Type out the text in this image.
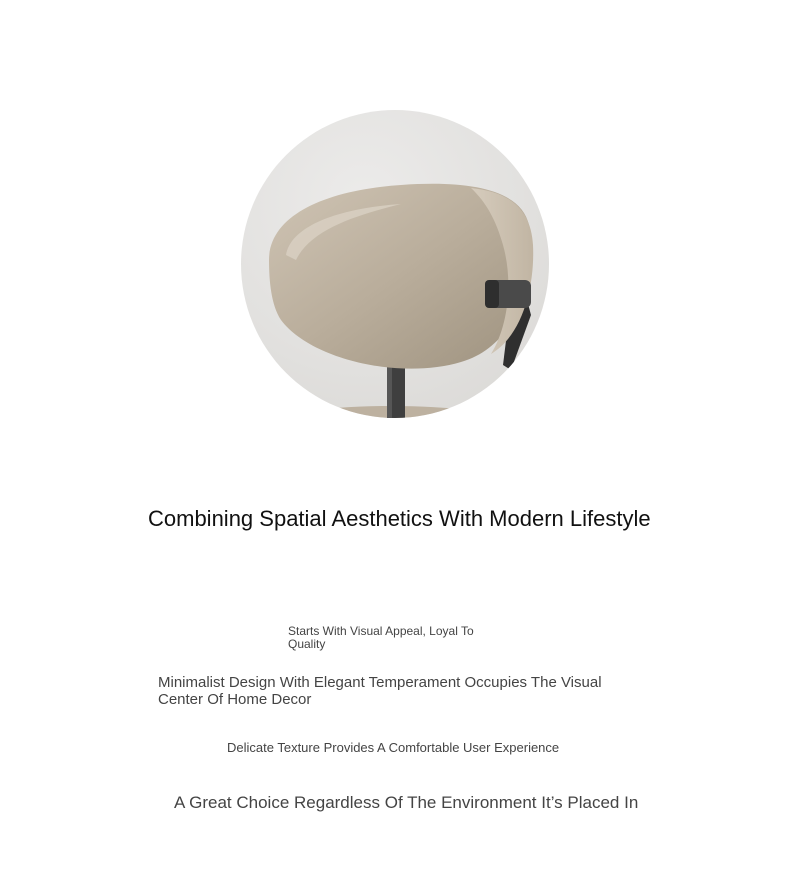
Combining Spatial Aesthetics With Modern Lifestyle

Starts With Visual Appeal, Loyal To Quality

Minimalist Design With Elegant Temperament Occupies The Visual Center Of Home Decor

Delicate Texture Provides A Comfortable User Experience

A Great Choice Regardless Of The Environment It’s Placed In
